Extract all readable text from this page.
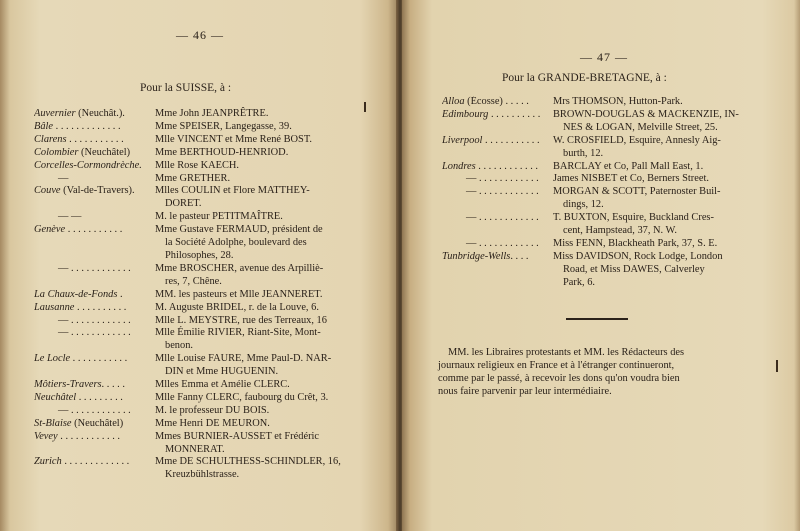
— 46 —
Pour la SUISSE, à :
Auvernier (Neuchât.).	Mme John JEANPRÊTRE.
Bâle . . . . . . . . . . . . .	Mme SPEISER, Langegasse, 39.
Clarens . . . . . . . . . . .	Mlle VINCENT et Mme René BOST.
Colombier (Neuchâtel)	Mme BERTHOUD-HENRIOD.
Corcelles-Cormondrèche.	Mlle Rose KAECH.
—	Mme GRETHER.
Couve (Val-de-Travers).	Mlles COULIN et Flore MATTHEY-
DORET.
— —	M. le pasteur PETITMAÎTRE.
Genève . . . . . . . . . . .	Mme Gustave FERMAUD, président de
la Société Adolphe, boulevard des
Philosophes, 28.
— . . . . . . . . . . . .	Mme BROSCHER, avenue des Arpilliè-
res, 7, Chêne.
La Chaux-de-Fonds .	MM. les pasteurs et Mlle JEANNERET.
Lausanne . . . . . . . . . .	M. Auguste BRIDEL, r. de la Louve, 6.
— . . . . . . . . . . . .	Mlle L. MEYSTRE, rue des Terreaux, 16
— . . . . . . . . . . . .	Mlle Émilie RIVIER, Riant-Site, Mont-
benon.
Le Locle . . . . . . . . . . .	Mlle Louise FAURE, Mme Paul-D. NAR-
DIN et Mme HUGUENIN.
Môtiers-Travers. . . . .	Mlles Emma et Amélie CLERC.
Neuchâtel . . . . . . . . .	Mlle Fanny CLERC, faubourg du Crêt, 3.
— . . . . . . . . . . . .	M. le professeur DU BOIS.
St-Blaise (Neuchâtel)	Mme Henri DE MEURON.
Vevey . . . . . . . . . . . .	Mmes BURNIER-AUSSET et Frédéric
MONNERAT.
Zurich . . . . . . . . . . . . .	Mme DE SCHULTHESS-SCHINDLER, 16,
Kreuzbühlstrasse.
— 47 —
Pour la GRANDE-BRETAGNE, à :
Alloa (Écosse) . . . . .	Mrs THOMSON, Hutton-Park.
Edimbourg . . . . . . . . . .	BROWN-DOUGLAS & MACKENZIE, IN-
NES & LOGAN, Melville Street, 25.
Liverpool . . . . . . . . . . .	W. CROSFIELD, Esquire, Annesly Aig-
burth, 12.
Londres . . . . . . . . . . . .	BARCLAY et Co, Pall Mall East, 1.
— . . . . . . . . . . . .	James NISBET et Co, Berners Street.
— . . . . . . . . . . . .	MORGAN & SCOTT, Paternoster Buil-
dings, 12.
— . . . . . . . . . . . .	T. BUXTON, Esquire, Buckland Cres-
cent, Hampstead, 37, N. W.
— . . . . . . . . . . . .	Miss FENN, Blackheath Park, 37, S. E.
Tunbridge-Wells. . . .	Miss DAVIDSON, Rock Lodge, London
Road, et Miss DAWES, Calverley
Park, 6.
MM. les Libraires protestants et MM. les Rédacteurs des
journaux religieux en France et à l'étranger continueront,
comme par le passé, à recevoir les dons qu'on voudra bien
nous faire parvenir par leur intermédiaire.
